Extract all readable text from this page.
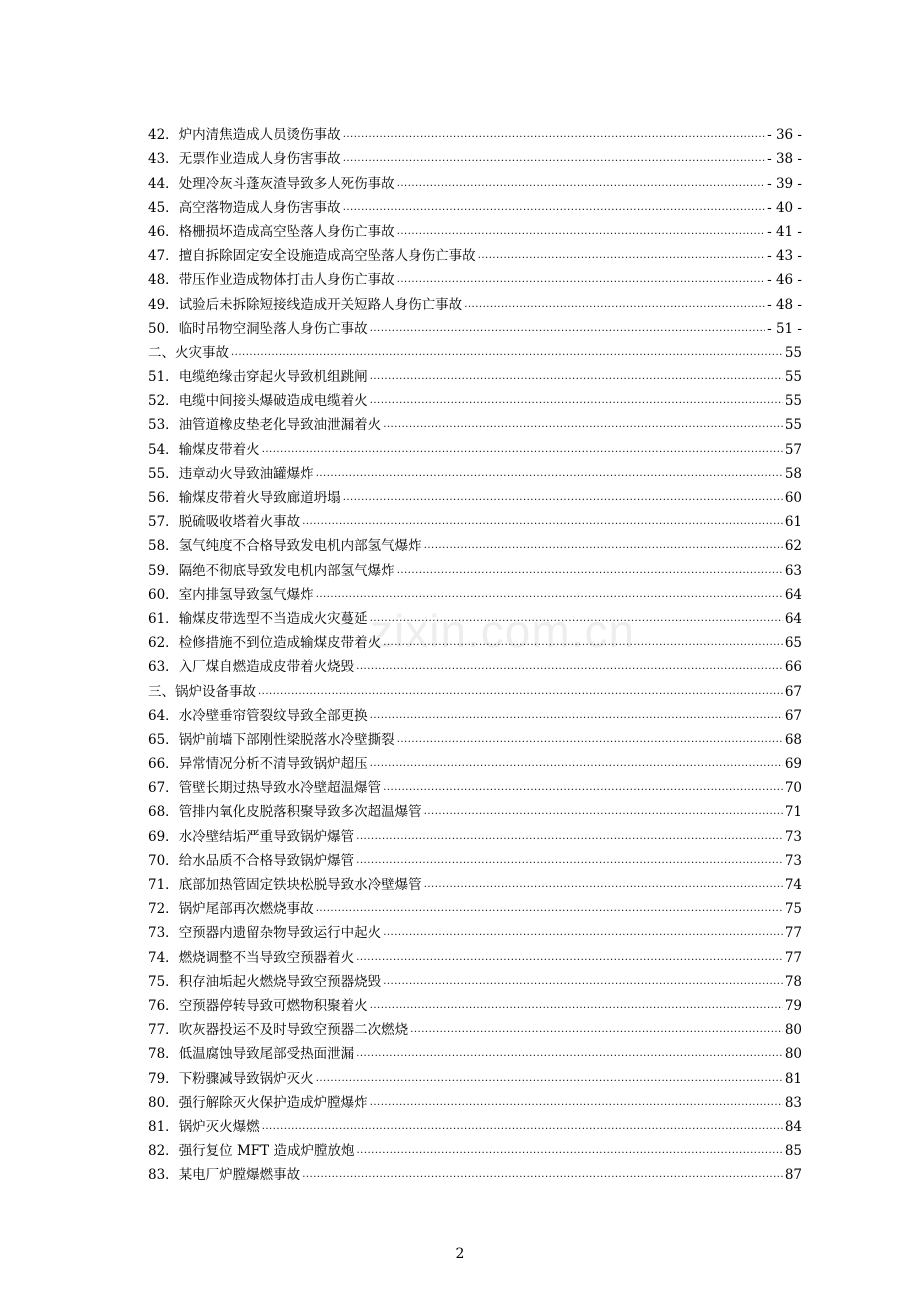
zixin.com.cn
42． 炉内清焦造成人员烫伤事故 .....	- 36 -
43． 无票作业造成人身伤害事故 .....	- 38 -
44． 处理冷灰斗蓬灰渣导致多人死伤事故 .....	- 39 -
45． 高空落物造成人身伤害事故 .....	- 40 -
46． 格栅损坏造成高空坠落人身伤亡事故 .....	- 41 -
47． 擅自拆除固定安全设施造成高空坠落人身伤亡事故 .....	- 43 -
48． 带压作业造成物体打击人身伤亡事故 .....	- 46 -
49． 试验后未拆除短接线造成开关短路人身伤亡事故 .....	- 48 -
50． 临时吊物空洞坠落人身伤亡事故 .....	- 51 -
二、火灾事故 .....	55
51． 电缆绝缘击穿起火导致机组跳闸 .....	55
52． 电缆中间接头爆破造成电缆着火 .....	55
53． 油管道橡皮垫老化导致油泄漏着火 .....	55
54． 输煤皮带着火 .....	57
55． 违章动火导致油罐爆炸 .....	58
56． 输煤皮带着火导致廊道坍塌 .....	60
57． 脱硫吸收塔着火事故 .....	61
58． 氢气纯度不合格导致发电机内部氢气爆炸 .....	62
59． 隔绝不彻底导致发电机内部氢气爆炸 .....	63
60． 室内排氢导致氢气爆炸 .....	64
61． 输煤皮带选型不当造成火灾蔓延 .....	64
62． 检修措施不到位造成输煤皮带着火 .....	65
63． 入厂煤自燃造成皮带着火烧毁 .....	66
三、锅炉设备事故 .....	67
64． 水冷壁垂帘管裂纹导致全部更换 .....	67
65． 锅炉前墙下部刚性梁脱落水冷壁撕裂 .....	68
66． 异常情况分析不清导致锅炉超压 .....	69
67． 管壁长期过热导致水冷壁超温爆管 .....	70
68． 管排内氧化皮脱落积聚导致多次超温爆管 .....	71
69． 水冷壁结垢严重导致锅炉爆管 .....	73
70． 给水品质不合格导致锅炉爆管 .....	73
71． 底部加热管固定铁块松脱导致水冷壁爆管 .....	74
72． 锅炉尾部再次燃烧事故 .....	75
73． 空预器内遗留杂物导致运行中起火 .....	77
74． 燃烧调整不当导致空预器着火 .....	77
75． 积存油垢起火燃烧导致空预器烧毁 .....	78
76． 空预器停转导致可燃物积聚着火 .....	79
77． 吹灰器投运不及时导致空预器二次燃烧 .....	80
78． 低温腐蚀导致尾部受热面泄漏 .....	80
79． 下粉骤减导致锅炉灭火 .....	81
80． 强行解除灭火保护造成炉膛爆炸 .....	83
81． 锅炉灭火爆燃 .....	84
82． 强行复位 MFT 造成炉膛放炮 .....	85
83． 某电厂炉膛爆燃事故 .....	87
2
